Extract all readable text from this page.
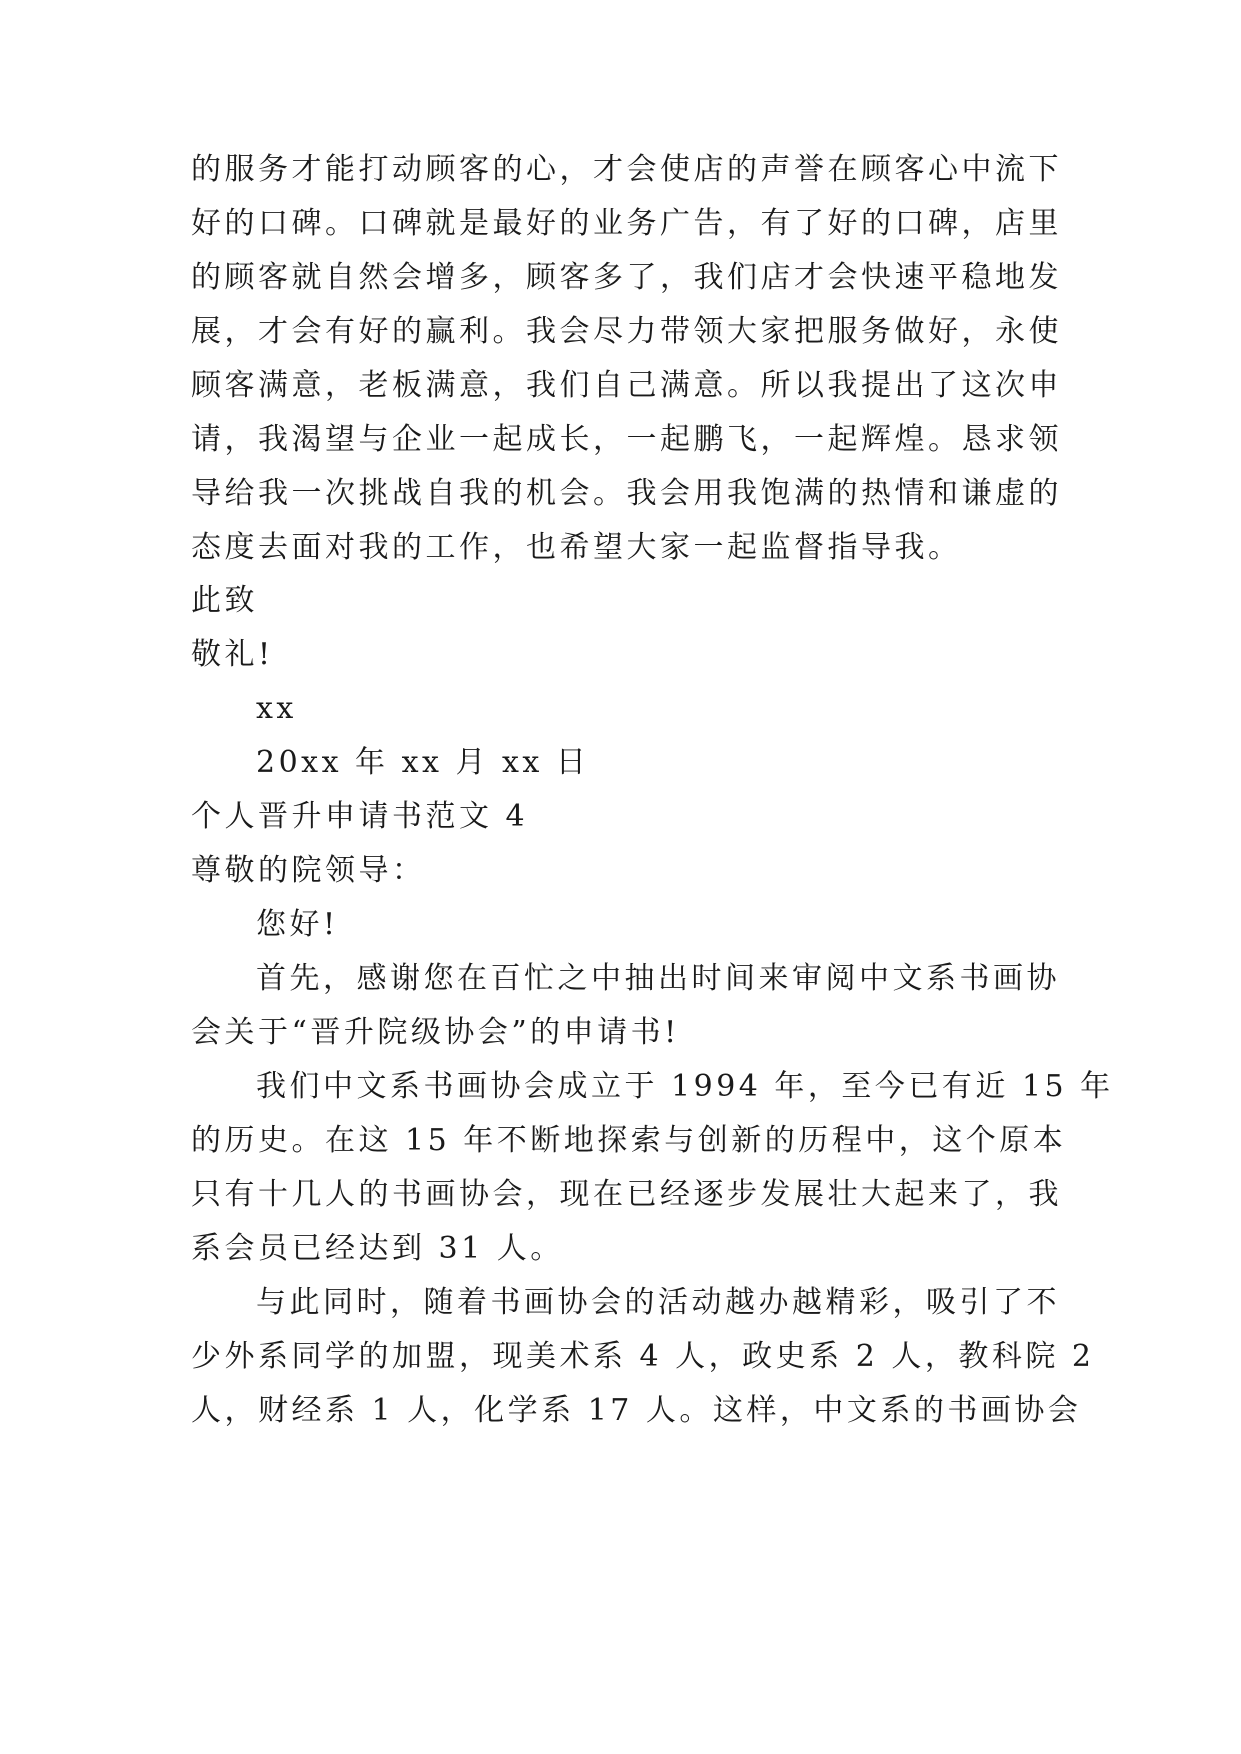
的服务才能打动顾客的心，才会使店的声誉在顾客心中流下
好的口碑。口碑就是最好的业务广告，有了好的口碑，店里
的顾客就自然会增多，顾客多了，我们店才会快速平稳地发
展，才会有好的赢利。我会尽力带领大家把服务做好，永使
顾客满意，老板满意，我们自己满意。所以我提出了这次申
请，我渴望与企业一起成长，一起鹏飞，一起辉煌。恳求领
导给我一次挑战自我的机会。我会用我饱满的热情和谦虚的
态度去面对我的工作，也希望大家一起监督指导我。
此致
敬礼!
xx
20xx 年 xx 月 xx 日
个人晋升申请书范文 4
尊敬的院领导：
您好!
首先，感谢您在百忙之中抽出时间来审阅中文系书画协
会关于“晋升院级协会”的申请书!
我们中文系书画协会成立于 1994 年，至今已有近 15 年
的历史。在这 15 年不断地探索与创新的历程中，这个原本
只有十几人的书画协会，现在已经逐步发展壮大起来了，我
系会员已经达到 31 人。
与此同时，随着书画协会的活动越办越精彩，吸引了不
少外系同学的加盟，现美术系 4 人，政史系 2 人，教科院 2
人，财经系 1 人，化学系 17 人。这样，中文系的书画协会
